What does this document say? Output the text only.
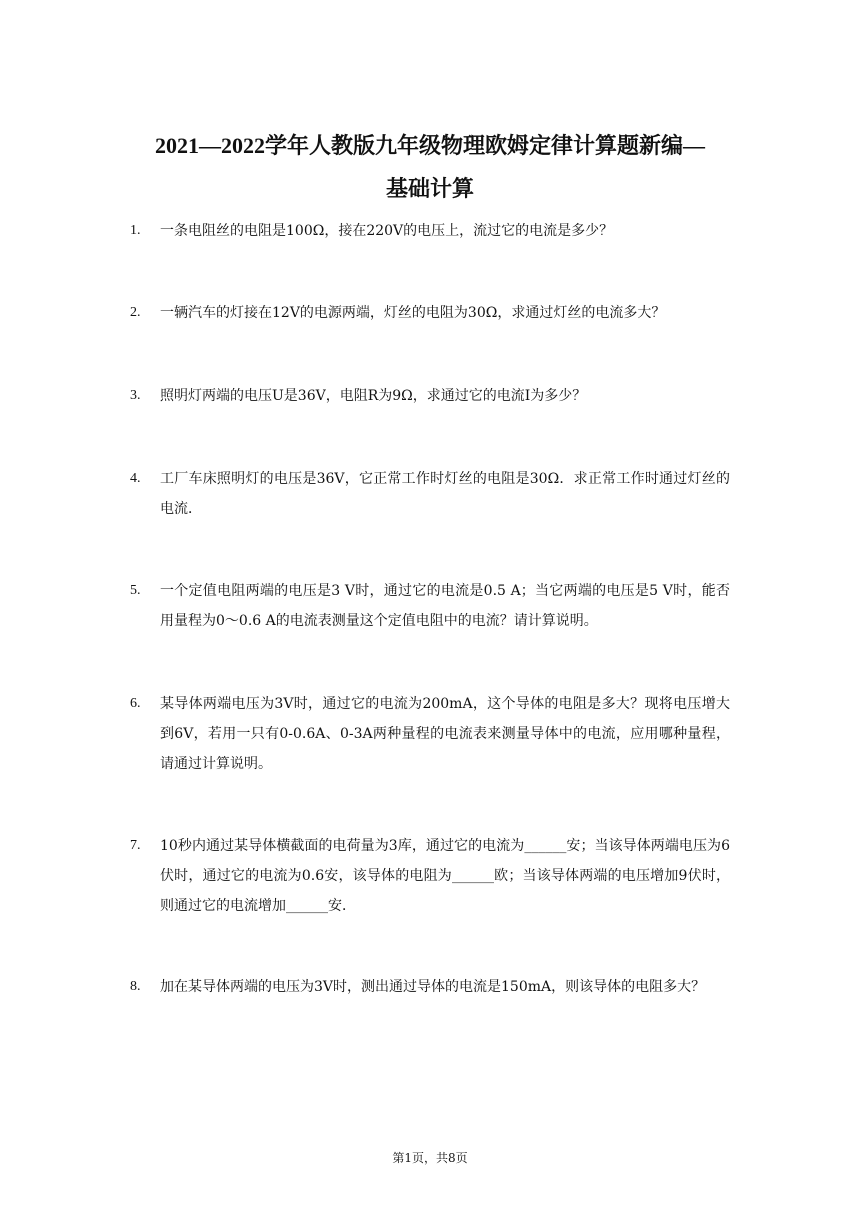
2021—2022学年人教版九年级物理欧姆定律计算题新编—
基础计算
1. 一条电阻丝的电阻是100Ω，接在220V的电压上，流过它的电流是多少？
2. 一辆汽车的灯接在12V的电源两端，灯丝的电阻为30Ω，求通过灯丝的电流多大？
3. 照明灯两端的电压U是36V，电阻R为9Ω，求通过它的电流I为多少？
4. 工厂车床照明灯的电压是36V，它正常工作时灯丝的电阻是30Ω．求正常工作时通过灯丝的电流．
5. 一个定值电阻两端的电压是3 V时，通过它的电流是0.5 A；当它两端的电压是5 V时，能否用量程为0～0.6 A的电流表测量这个定值电阻中的电流？请计算说明。
6. 某导体两端电压为3V时，通过它的电流为200mA，这个导体的电阻是多大？现将电压增大到6V，若用一只有0-0.6A、0-3A两种量程的电流表来测量导体中的电流，应用哪种量程，请通过计算说明。
7. 10秒内通过某导体横截面的电荷量为3库，通过它的电流为______安；当该导体两端电压为6伏时，通过它的电流为0.6安，该导体的电阻为______欧；当该导体两端的电压增加9伏时，则通过它的电流增加______安．
8. 加在某导体两端的电压为3V时，测出通过导体的电流是150mA，则该导体的电阻多大？
第1页，共8页
